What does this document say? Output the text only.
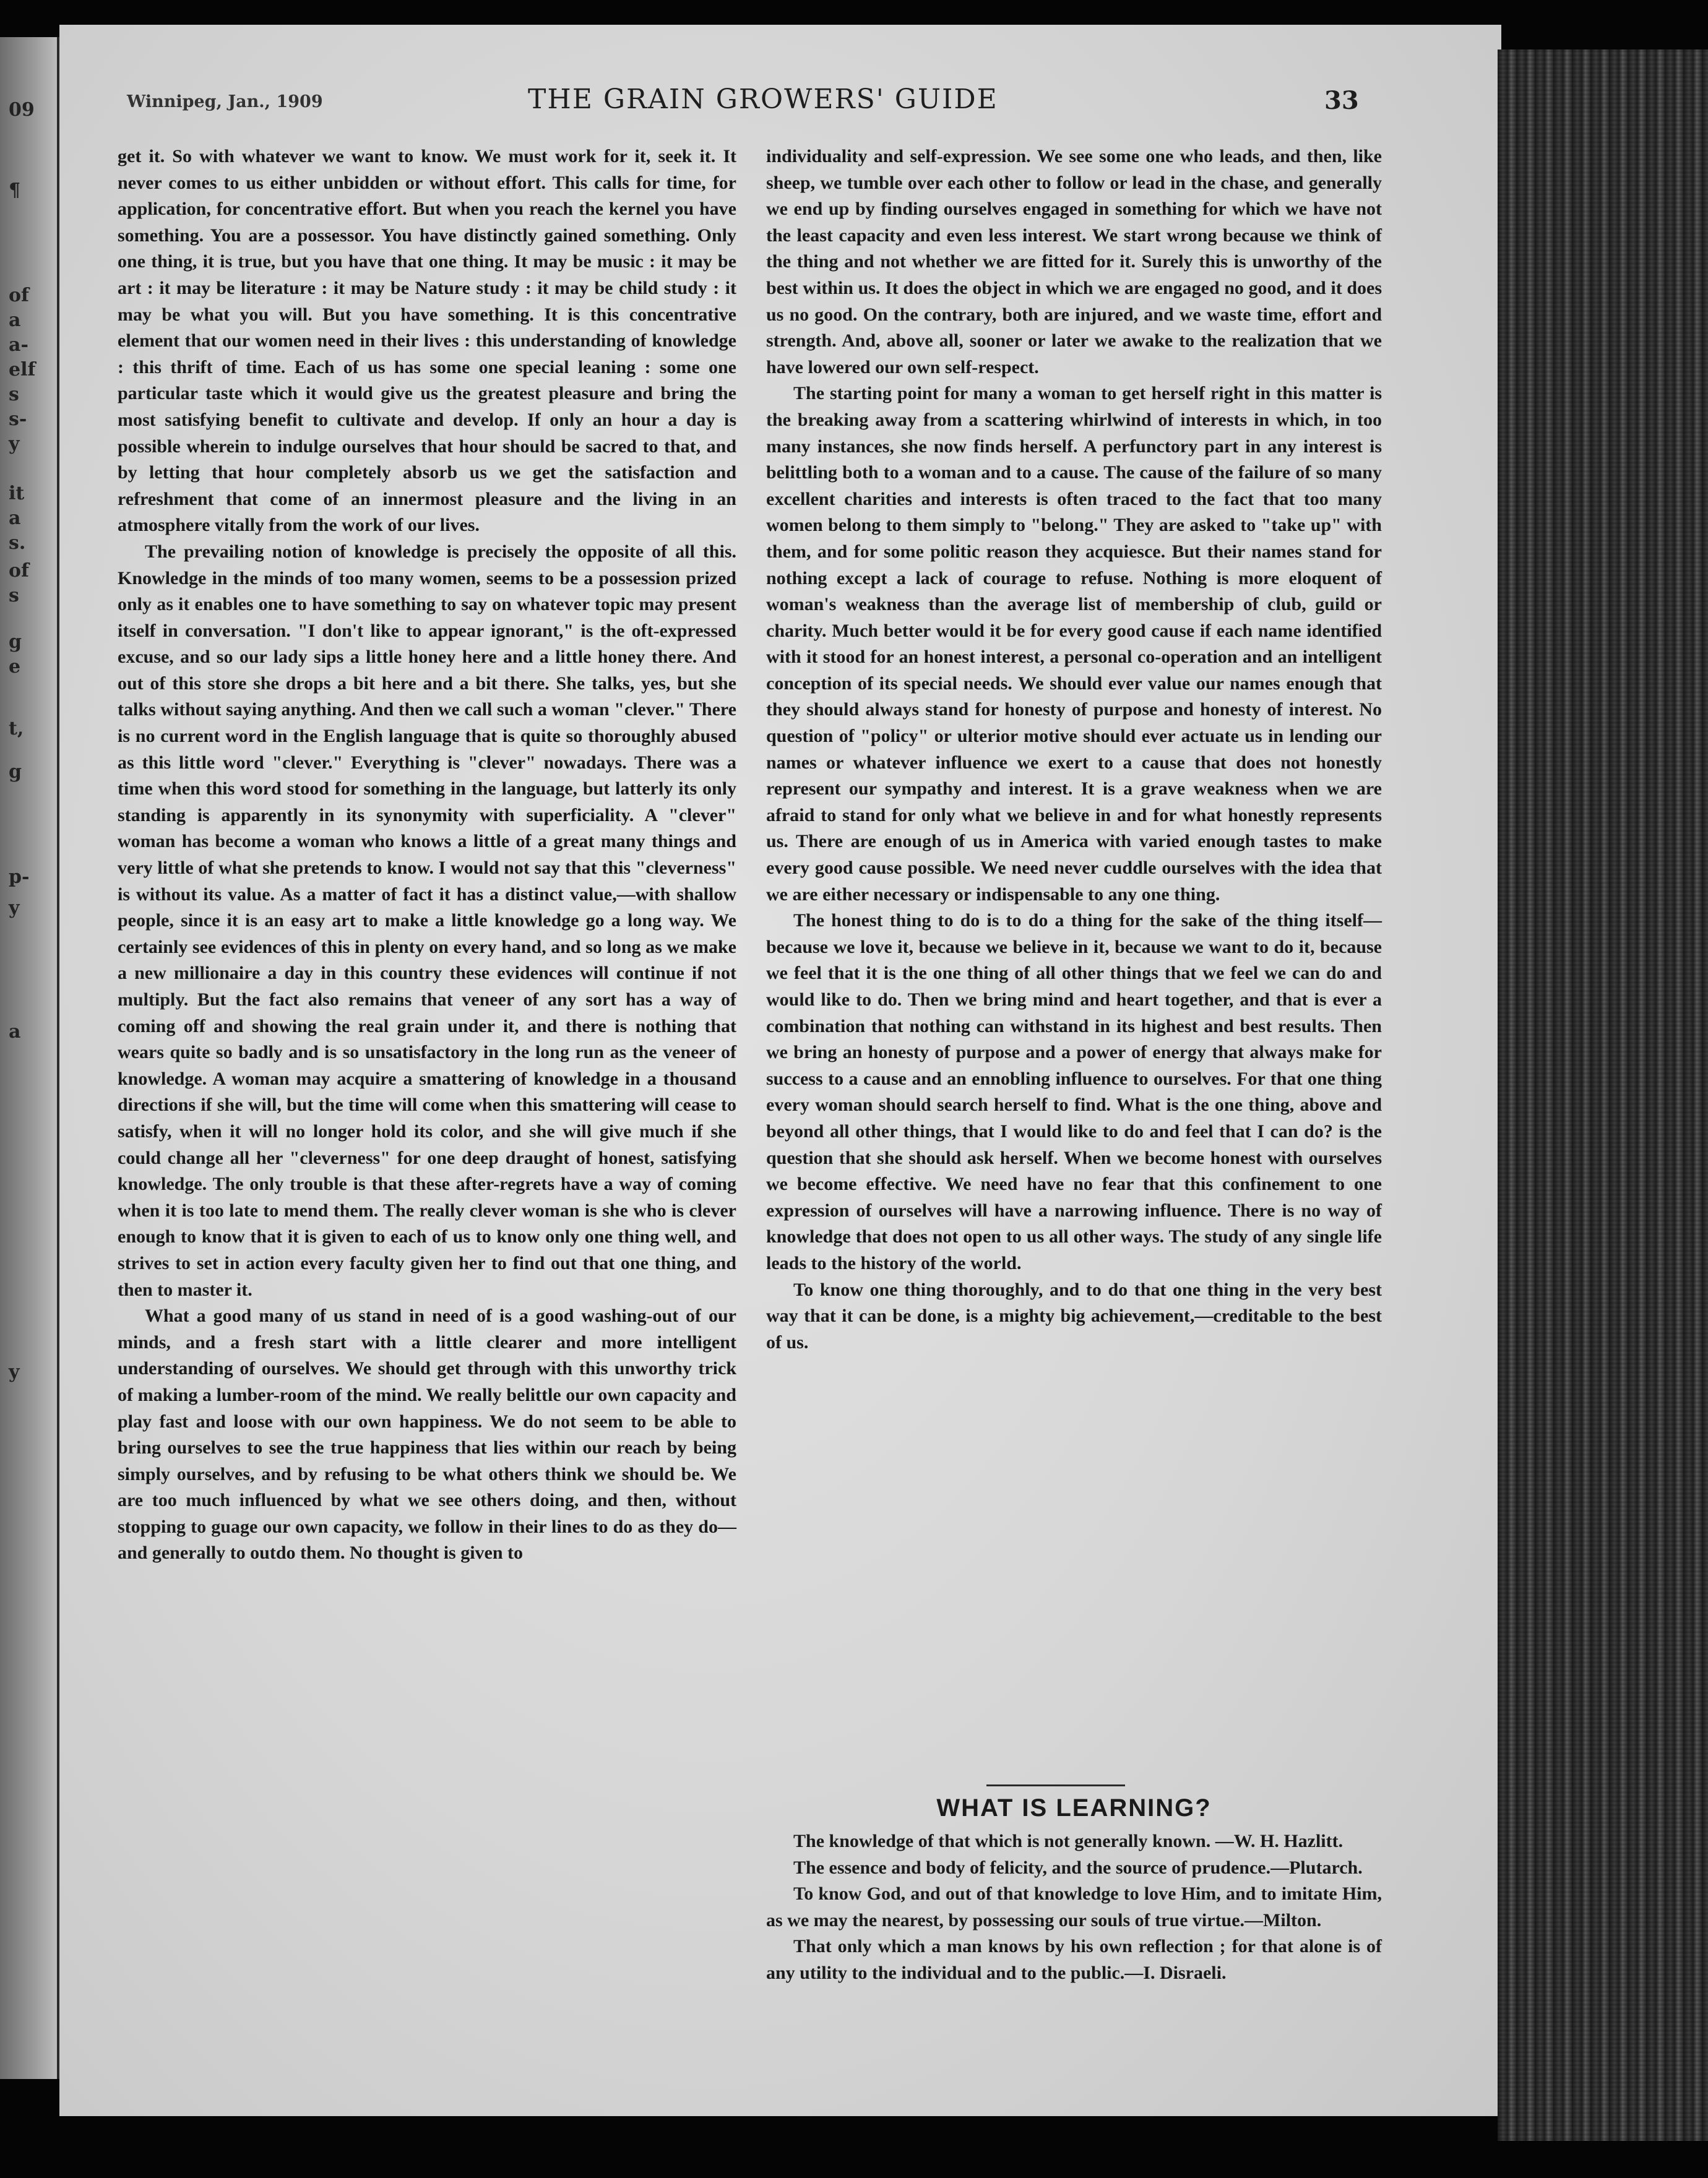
09
¶
of
a
a-
elf
s
s-
y
it
a
s.
of
s
g
e
t,
g
p-
y
a
y
Winnipeg, Jan., 1909	THE GRAIN GROWERS' GUIDE	33

get it. So with whatever we want to know. We must work for it, seek it. It never comes to us either unbidden or without effort. This calls for time, for application, for concentrative effort. But when you reach the kernel you have something. You are a possessor. You have distinctly gained something. Only one thing, it is true, but you have that one thing. It may be music : it may be art : it may be literature : it may be Nature study : it may be child study : it may be what you will. But you have something. It is this concentrative element that our women need in their lives : this understanding of knowledge : this thrift of time. Each of us has some one special leaning : some one particular taste which it would give us the greatest pleasure and bring the most satisfying benefit to cultivate and develop. If only an hour a day is possible wherein to indulge ourselves that hour should be sacred to that, and by letting that hour completely absorb us we get the satisfaction and refreshment that come of an innermost pleasure and the living in an atmosphere vitally from the work of our lives.

The prevailing notion of knowledge is precisely the opposite of all this. Knowledge in the minds of too many women, seems to be a possession prized only as it enables one to have something to say on whatever topic may present itself in conversation. "I don't like to appear ignorant," is the oft-expressed excuse, and so our lady sips a little honey here and a little honey there. And out of this store she drops a bit here and a bit there. She talks, yes, but she talks without saying anything. And then we call such a woman "clever." There is no current word in the English language that is quite so thoroughly abused as this little word "clever." Everything is "clever" nowadays. There was a time when this word stood for something in the language, but latterly its only standing is apparently in its synonymity with superficiality. A "clever" woman has become a woman who knows a little of a great many things and very little of what she pretends to know. I would not say that this "cleverness" is without its value. As a matter of fact it has a distinct value,—with shallow people, since it is an easy art to make a little knowledge go a long way. We certainly see evidences of this in plenty on every hand, and so long as we make a new millionaire a day in this country these evidences will continue if not multiply. But the fact also remains that veneer of any sort has a way of coming off and showing the real grain under it, and there is nothing that wears quite so badly and is so unsatisfactory in the long run as the veneer of knowledge. A woman may acquire a smattering of knowledge in a thousand directions if she will, but the time will come when this smattering will cease to satisfy, when it will no longer hold its color, and she will give much if she could change all her "cleverness" for one deep draught of honest, satisfying knowledge. The only trouble is that these after-regrets have a way of coming when it is too late to mend them. The really clever woman is she who is clever enough to know that it is given to each of us to know only one thing well, and strives to set in action every faculty given her to find out that one thing, and then to master it.

What a good many of us stand in need of is a good washing-out of our minds, and a fresh start with a little clearer and more intelligent understanding of ourselves. We should get through with this unworthy trick of making a lumber-room of the mind. We really belittle our own capacity and play fast and loose with our own happiness. We do not seem to be able to bring ourselves to see the true happiness that lies within our reach by being simply ourselves, and by refusing to be what others think we should be. We are too much influenced by what we see others doing, and then, without stopping to guage our own capacity, we follow in their lines to do as they do—and generally to outdo them. No thought is given to

individuality and self-expression. We see some one who leads, and then, like sheep, we tumble over each other to follow or lead in the chase, and generally we end up by finding ourselves engaged in something for which we have not the least capacity and even less interest. We start wrong because we think of the thing and not whether we are fitted for it. Surely this is unworthy of the best within us. It does the object in which we are engaged no good, and it does us no good. On the contrary, both are injured, and we waste time, effort and strength. And, above all, sooner or later we awake to the realization that we have lowered our own self-respect.

The starting point for many a woman to get herself right in this matter is the breaking away from a scattering whirlwind of interests in which, in too many instances, she now finds herself. A perfunctory part in any interest is belittling both to a woman and to a cause. The cause of the failure of so many excellent charities and interests is often traced to the fact that too many women belong to them simply to "belong." They are asked to "take up" with them, and for some politic reason they acquiesce. But their names stand for nothing except a lack of courage to refuse. Nothing is more eloquent of woman's weakness than the average list of membership of club, guild or charity. Much better would it be for every good cause if each name identified with it stood for an honest interest, a personal co-operation and an intelligent conception of its special needs. We should ever value our names enough that they should always stand for honesty of purpose and honesty of interest. No question of "policy" or ulterior motive should ever actuate us in lending our names or whatever influence we exert to a cause that does not honestly represent our sympathy and interest. It is a grave weakness when we are afraid to stand for only what we believe in and for what honestly represents us. There are enough of us in America with varied enough tastes to make every good cause possible. We need never cuddle ourselves with the idea that we are either necessary or indispensable to any one thing.

The honest thing to do is to do a thing for the sake of the thing itself—because we love it, because we believe in it, because we want to do it, because we feel that it is the one thing of all other things that we feel we can do and would like to do. Then we bring mind and heart together, and that is ever a combination that nothing can withstand in its highest and best results. Then we bring an honesty of purpose and a power of energy that always make for success to a cause and an ennobling influence to ourselves. For that one thing every woman should search herself to find. What is the one thing, above and beyond all other things, that I would like to do and feel that I can do? is the question that she should ask herself. When we become honest with ourselves we become effective. We need have no fear that this confinement to one expression of ourselves will have a narrowing influence. There is no way of knowledge that does not open to us all other ways. The study of any single life leads to the history of the world.

To know one thing thoroughly, and to do that one thing in the very best way that it can be done, is a mighty big achievement,—creditable to the best of us.

WHAT IS LEARNING?

The knowledge of that which is not generally known. —W. H. Hazlitt.

The essence and body of felicity, and the source of prudence.—Plutarch.

To know God, and out of that knowledge to love Him, and to imitate Him, as we may the nearest, by possessing our souls of true virtue.—Milton.

That only which a man knows by his own reflection ; for that alone is of any utility to the individual and to the public.—I. Disraeli.
